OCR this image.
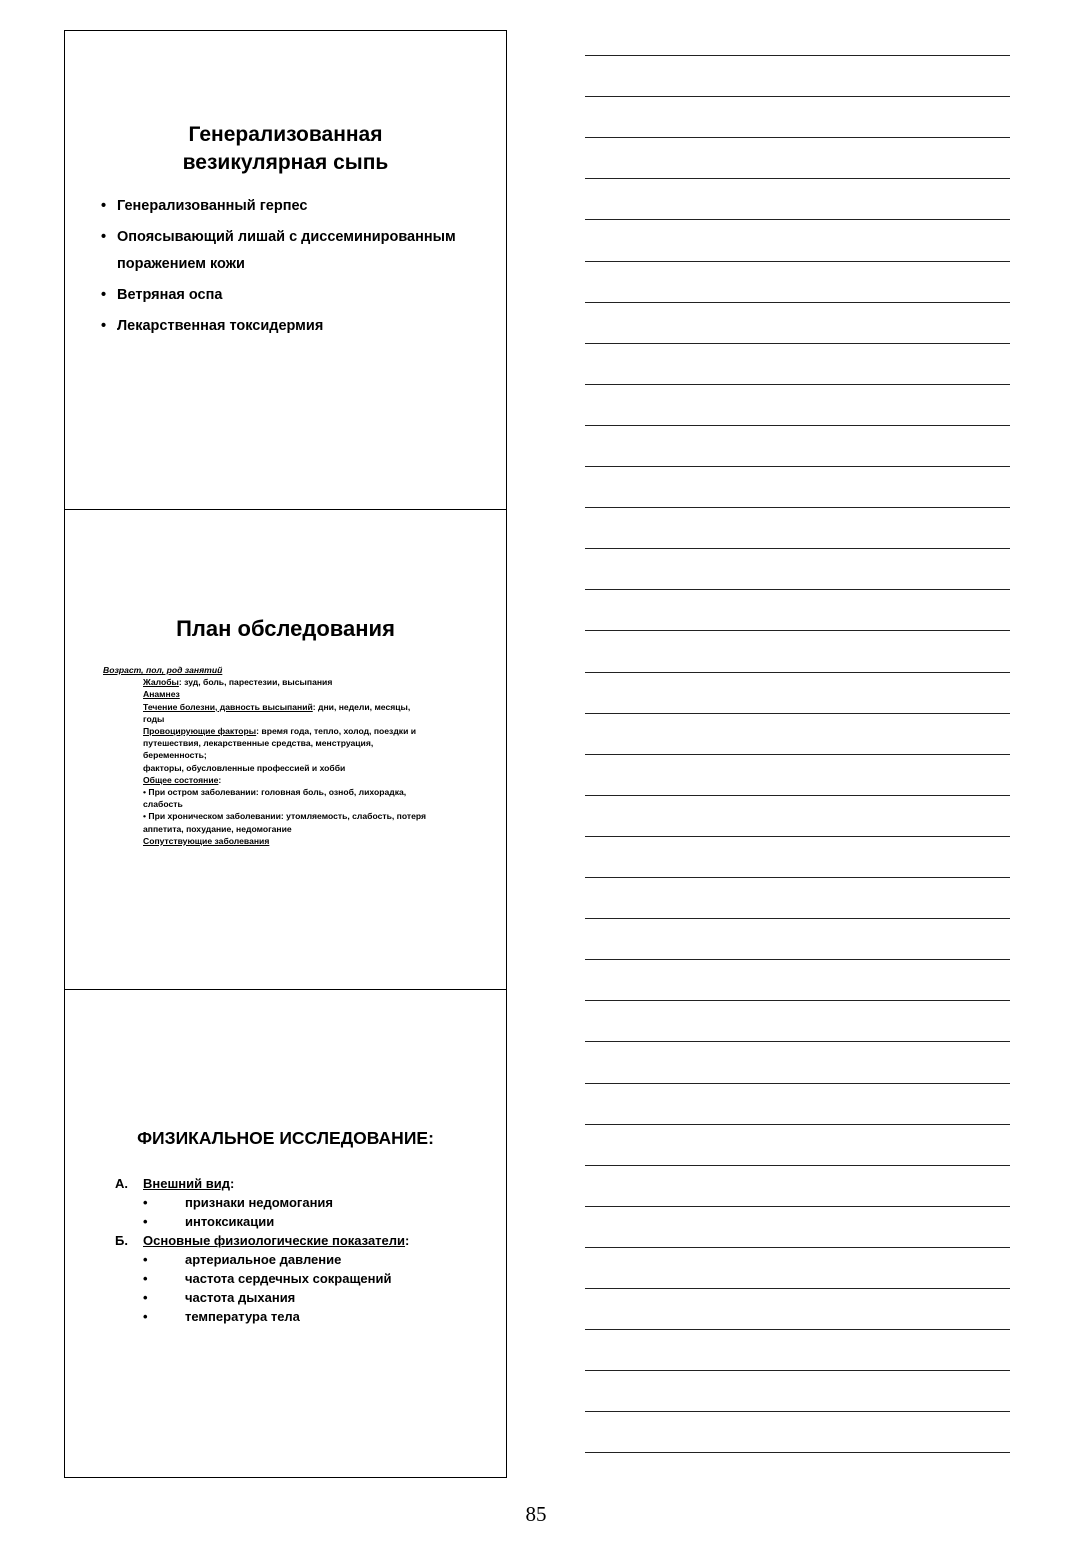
Генерализованная
везикулярная сыпь
• Генерализованный герпес
• Опоясывающий лишай с диссеминированным поражением кожи
• Ветряная оспа
• Лекарственная токсидермия
План обследования
Возраст, пол, род занятий
Жалобы: зуд, боль, парестезии, высыпания
Анамнез
Течение болезни, давность высыпаний: дни, недели, месяцы, годы
Провоцирующие факторы: время года, тепло, холод, поездки и путешествия, лекарственные средства, менструация, беременность;
факторы, обусловленные профессией и хобби
Общее состояние:
• При остром заболевании: головная боль, озноб, лихорадка, слабость
• При хроническом заболевании: утомляемость, слабость, потеря аппетита, похудание, недомогание
Сопутствующие заболевания
ФИЗИКАЛЬНОЕ ИССЛЕДОВАНИЕ:
А. Внешний вид:
• признаки недомогания
• интоксикации
Б. Основные физиологические показатели:
• артериальное давление
• частота сердечных сокращений
• частота дыхания
• температура тела
85
